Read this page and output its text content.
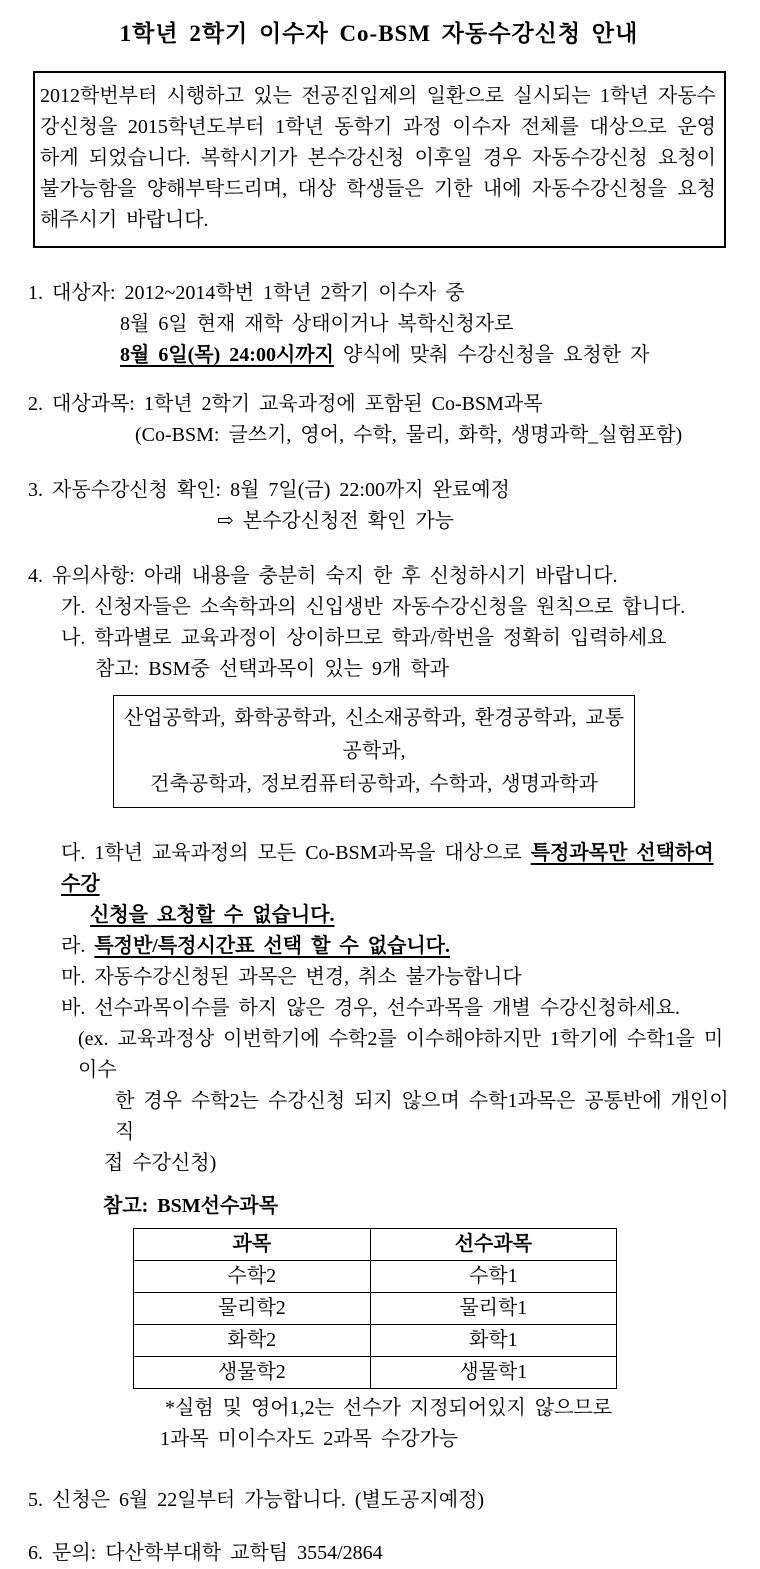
1학년 2학기 이수자 Co-BSM 자동수강신청 안내
2012학번부터 시행하고 있는 전공진입제의 일환으로 실시되는 1학년 자동수강신청을 2015학년도부터 1학년 동학기 과정 이수자 전체를 대상으로 운영하게 되었습니다. 복학시기가 본수강신청 이후일 경우 자동수강신청 요청이 불가능함을 양해부탁드리며, 대상 학생들은 기한 내에 자동수강신청을 요청해주시기 바랍니다.
1. 대상자: 2012~2014학번 1학년 2학기 이수자 중
8월 6일 현재 재학 상태이거나 복학신청자로
8월 6일(목) 24:00시까지 양식에 맞춰 수강신청을 요청한 자
2. 대상과목: 1학년 2학기 교육과정에 포함된 Co-BSM과목
(Co-BSM: 글쓰기, 영어, 수학, 물리, 화학, 생명과학_실험포함)
3. 자동수강신청 확인: 8월 7일(금) 22:00까지 완료예정
⇨ 본수강신청전 확인 가능
4. 유의사항: 아래 내용을 충분히 숙지 한 후 신청하시기 바랍니다.
가. 신청자들은 소속학과의 신입생반 자동수강신청을 원칙으로 합니다.
나. 학과별로 교육과정이 상이하므로 학과/학번을 정확히 입력하세요
참고: BSM중 선택과목이 있는 9개 학과
산업공학과, 화학공학과, 신소재공학과, 환경공학과, 교통공학과,
건축공학과, 정보컴퓨터공학과, 수학과, 생명과학과
다. 1학년 교육과정의 모든 Co-BSM과목을 대상으로 특정과목만 선택하여 수강
신청을 요청할 수 없습니다.
라. 특정반/특정시간표 선택 할 수 없습니다.
마. 자동수강신청된 과목은 변경, 취소 불가능합니다
바. 선수과목이수를 하지 않은 경우, 선수과목을 개별 수강신청하세요.
(ex. 교육과정상 이번학기에 수학2를 이수해야하지만 1학기에 수학1을 미이수
한 경우 수학2는 수강신청 되지 않으며 수학1과목은 공통반에 개인이 직
접 수강신청)
참고: BSM선수과목
과목	선수과목
수학2	수학1
물리학2	물리학1
화학2	화학1
생물학2	생물학1
*실험 및 영어1,2는 선수가 지정되어있지 않으므로
1과목 미이수자도 2과목 수강가능
5. 신청은 6월 22일부터 가능합니다. (별도공지예정)
6. 문의: 다산학부대학 교학팀 3554/2864
